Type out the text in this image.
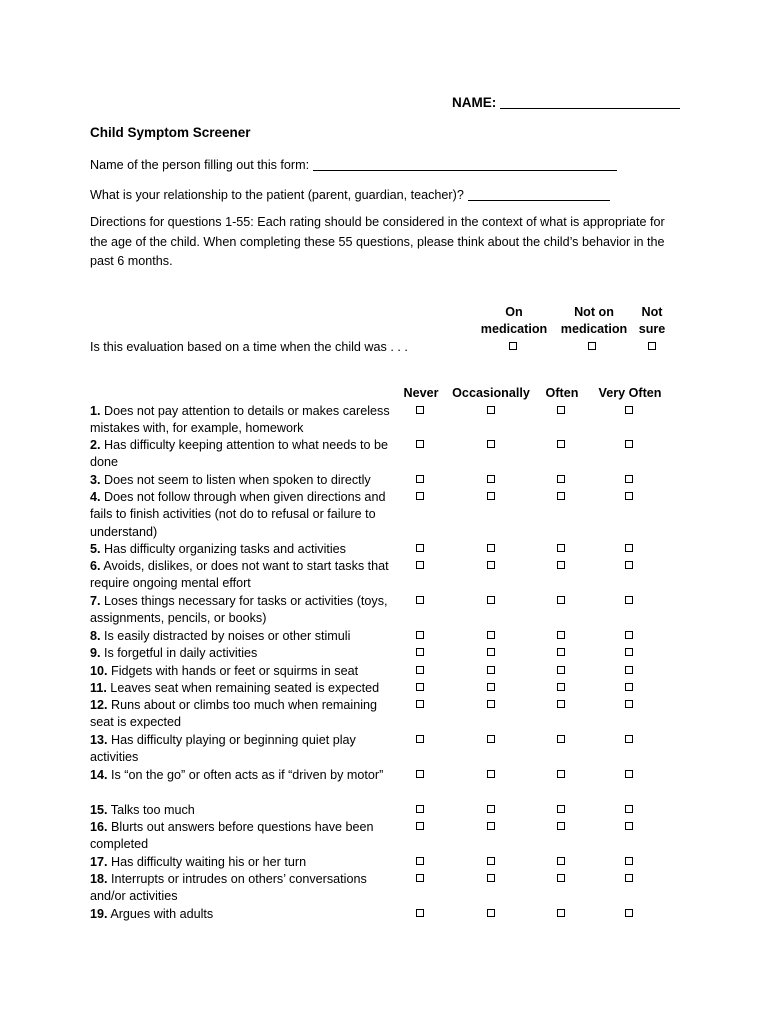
NAME:
Child Symptom Screener
Name of the person filling out this form:
What is your relationship to the patient (parent, guardian, teacher)?
Directions for questions 1-55: Each rating should be considered in the context of what is appropriate for the age of the child. When completing these 55 questions, please think about the child’s behavior in the past 6 months.
On
medication
Not on
medication
Not
sure
Is this evaluation based on a time when the child was . . .
Never	Occasionally	Often	Very Often
1. Does not pay attention to details or makes careless mistakes with, for example, homework
2. Has difficulty keeping attention to what needs to be done
3. Does not seem to listen when spoken to directly
4. Does not follow through when given directions and fails to finish activities (not do to refusal or failure to understand)
5. Has difficulty organizing tasks and activities
6. Avoids, dislikes, or does not want to start tasks that require ongoing mental effort
7. Loses things necessary for tasks or activities (toys, assignments, pencils, or books)
8. Is easily distracted by noises or other stimuli
9. Is forgetful in daily activities
10. Fidgets with hands or feet or squirms in seat
11. Leaves seat when remaining seated is expected
12. Runs about or climbs too much when remaining seat is expected
13. Has difficulty playing or beginning quiet play activities
14. Is “on the go” or often acts as if “driven by motor”
15. Talks too much
16. Blurts out answers before questions have been completed
17. Has difficulty waiting his or her turn
18. Interrupts or intrudes on others’ conversations and/or activities
19. Argues with adults
